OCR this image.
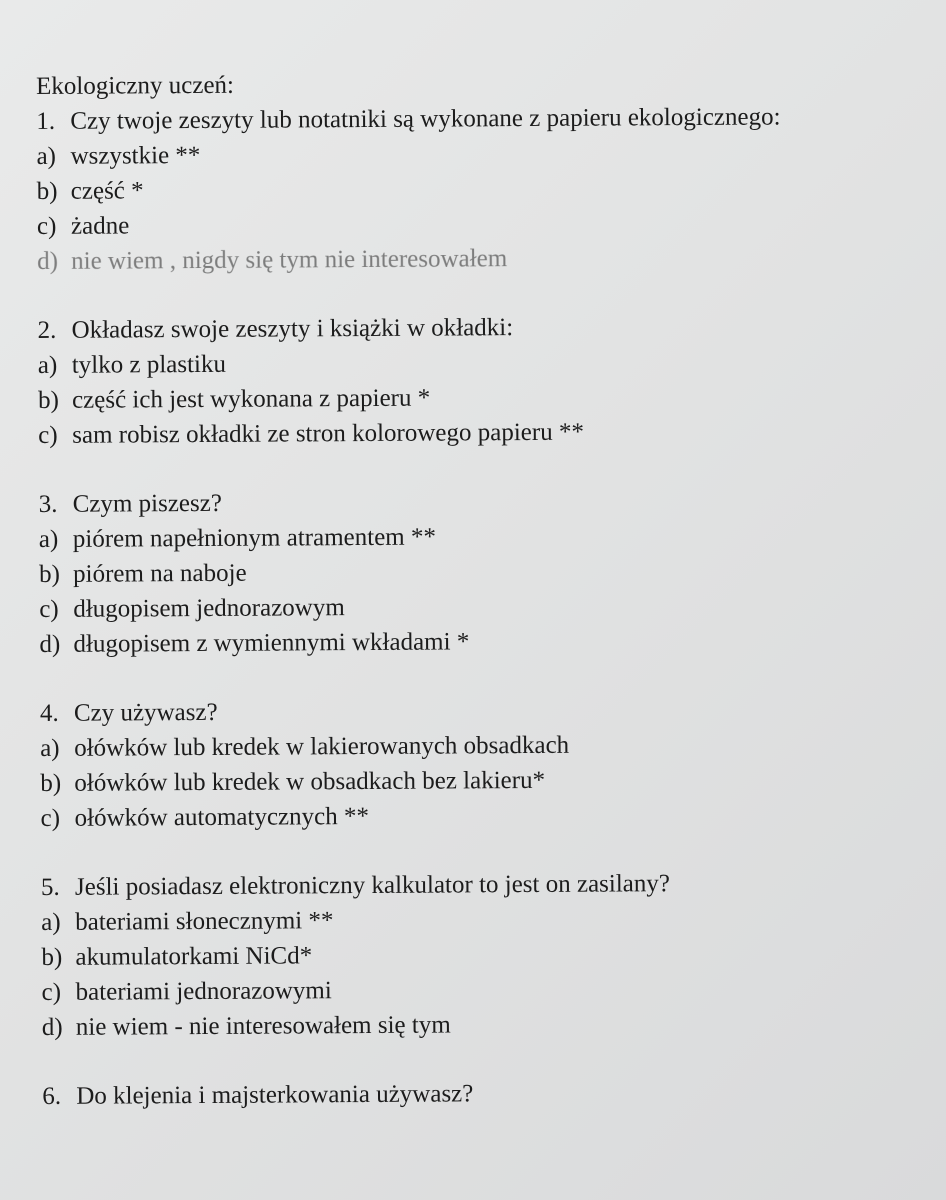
Ekologiczny uczeń:

1. Czy twoje zeszyty lub notatniki są wykonane z papieru ekologicznego:
a) wszystkie **
b) część *
c) żadne
d) nie wiem , nigdy się tym nie interesowałem
2. Okładasz swoje zeszyty i książki w okładki:
a) tylko z plastiku
b) część ich jest wykonana z papieru *
c) sam robisz okładki ze stron kolorowego papieru **
3. Czym piszesz?
a) piórem napełnionym atramentem **
b) piórem na naboje
c) długopisem jednorazowym
d) długopisem z wymiennymi wkładami *
4. Czy używasz?
a) ołówków lub kredek w lakierowanych obsadkach
b) ołówków lub kredek w obsadkach bez lakieru*
c) ołówków automatycznych **
5. Jeśli posiadasz elektroniczny kalkulator to jest on zasilany?
a) bateriami słonecznymi **
b) akumulatorkami NiCd*
c) bateriami jednorazowymi
d) nie wiem - nie interesowałem się tym
6. Do klejenia i majsterkowania używasz?
